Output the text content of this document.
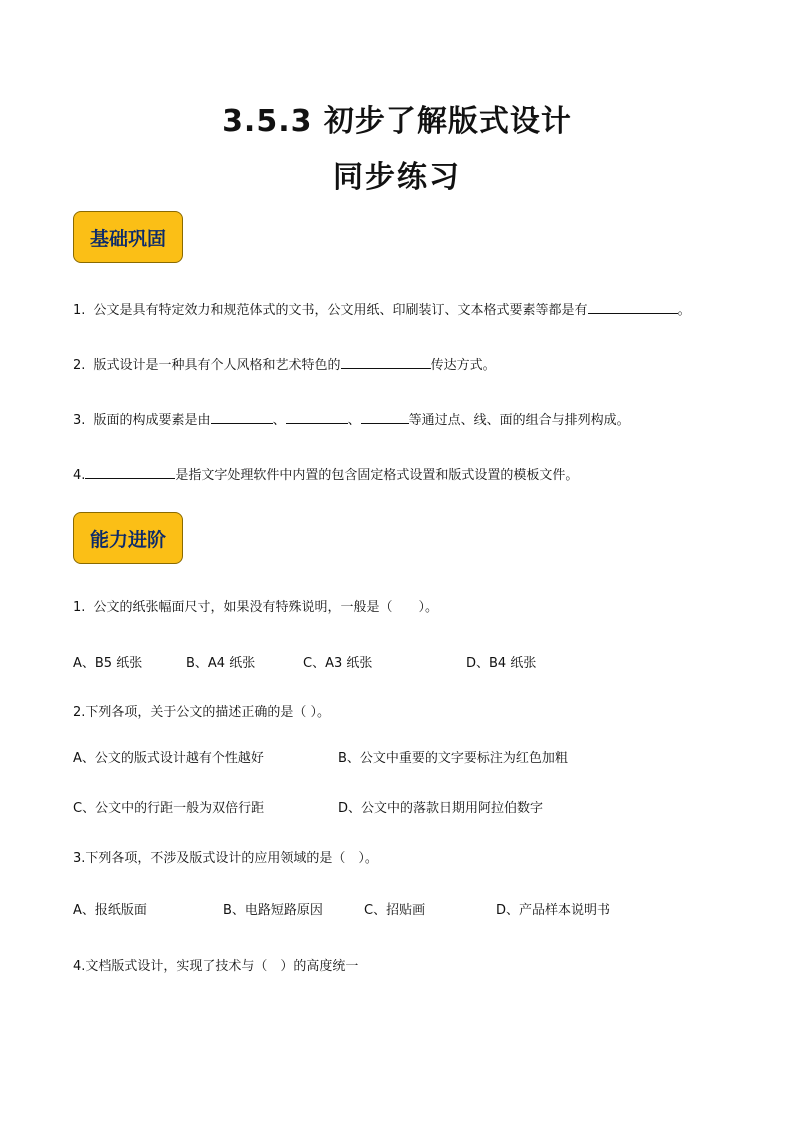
3.5.3 初步了解版式设计
同步练习
基础巩固
1. 公文是具有特定效力和规范体式的文书，公文用纸、印刷装订、文本格式要素等都是有	。
2. 版式设计是一种具有个人风格和艺术特色的	传达方式。
3. 版面的构成要素是由	、	、	等通过点、线、面的组合与排列构成。
4.	是指文字处理软件中内置的包含固定格式设置和版式设置的模板文件。
能力进阶
1. 公文的纸张幅面尺寸，如果没有特殊说明，一般是（　　）。
A、B5 纸张	B、A4 纸张	C、A3 纸张	D、B4 纸张
2.下列各项，关于公文的描述正确的是（ ）。
A、公文的版式设计越有个性越好	B、公文中重要的文字要标注为红色加粗
C、公文中的行距一般为双倍行距	D、公文中的落款日期用阿拉伯数字
3.下列各项，不涉及版式设计的应用领域的是（　）。
A、报纸版面	B、电路短路原因	C、招贴画	D、产品样本说明书
4.文档版式设计，实现了技术与（　）的高度统一
